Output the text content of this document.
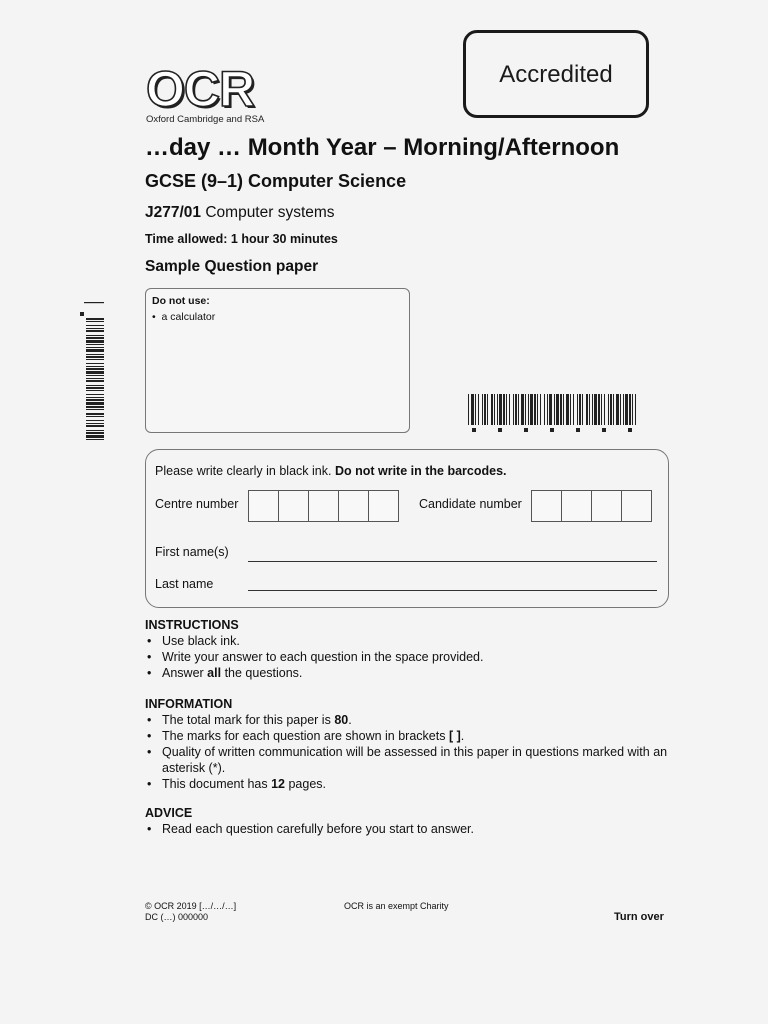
OCR
Oxford Cambridge and RSA
Accredited
…day … Month Year – Morning/Afternoon
GCSE (9–1) Computer Science
J277/01 Computer systems
Time allowed: 1 hour 30 minutes
Sample Question paper
Do not use:
•  a calculator
Please write clearly in black ink. Do not write in the barcodes.
Centre number	Candidate number
First name(s)
Last name
INSTRUCTIONS
• Use black ink.
• Write your answer to each question in the space provided.
• Answer all the questions.
INFORMATION
• The total mark for this paper is 80.
• The marks for each question are shown in brackets [ ].
• Quality of written communication will be assessed in this paper in questions marked with an asterisk (*).
• This document has 12 pages.
ADVICE
• Read each question carefully before you start to answer.
© OCR 2019 […/…/…]
DC (…) 000000
OCR is an exempt Charity
Turn over
